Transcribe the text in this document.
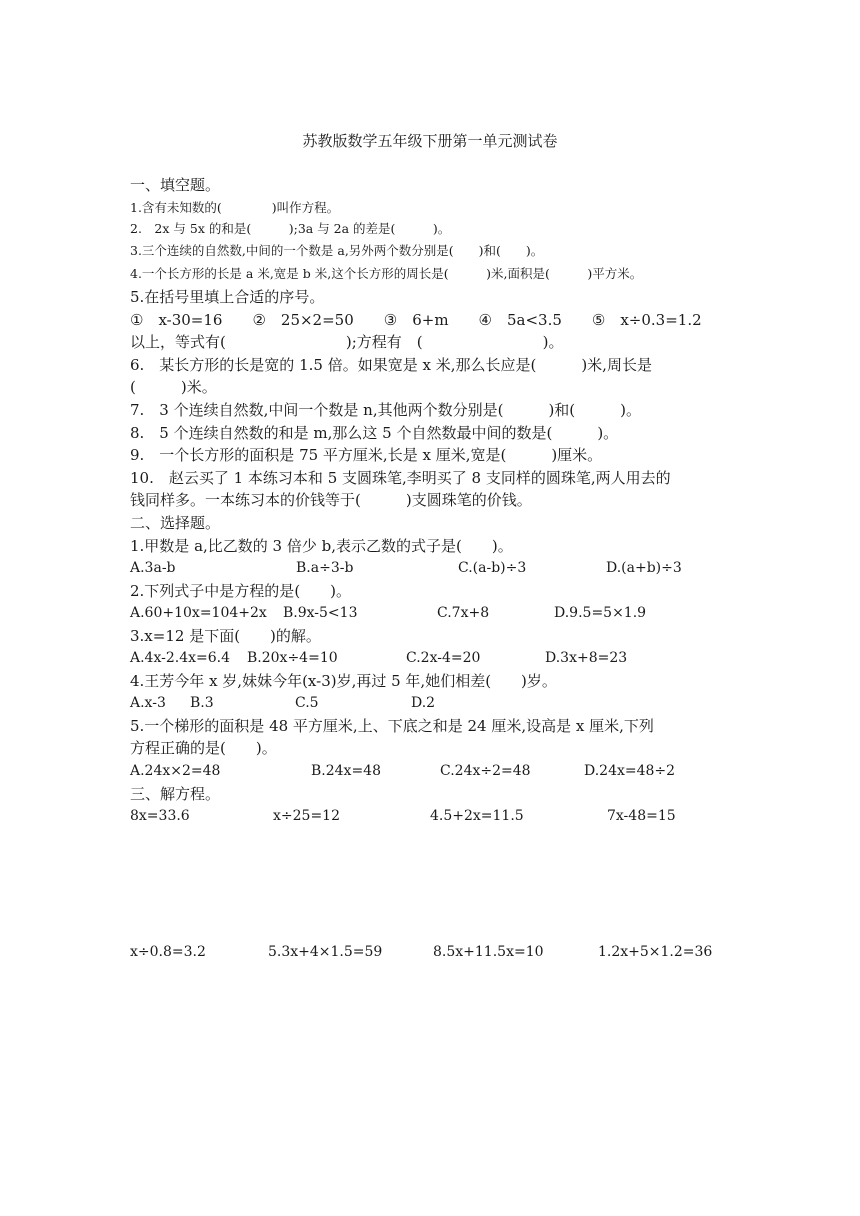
苏教版数学五年级下册第一单元测试卷
一、填空题。
1.含有未知数的(　　　　)叫作方程。
2.　2x 与 5x 的和是(　　　);3a 与 2a 的差是(　　　)。
3.三个连续的自然数,中间的一个数是 a,另外两个数分别是(　　)和(　　)。
4.一个长方形的长是 a 米,宽是 b 米,这个长方形的周长是(　　　)米,面积是(　　　)平方米。
5.在括号里填上合适的序号。
①　x-30=16　　②　25×2=50　　③　6+m　　④　5a<3.5　　⑤　x÷0.3=1.2
以上，等式有(　　　　　　　　);方程有　(　　　　　　　　)。
6.　某长方形的长是宽的 1.5 倍。如果宽是 x 米,那么长应是(　　　)米,周长是
(　　　)米。
7.　3 个连续自然数,中间一个数是 n,其他两个数分别是(　　　)和(　　　)。
8.　5 个连续自然数的和是 m,那么这 5 个自然数最中间的数是(　　　)。
9.　一个长方形的面积是 75 平方厘米,长是 x 厘米,宽是(　　　)厘米。
10.　赵云买了 1 本练习本和 5 支圆珠笔,李明买了 8 支同样的圆珠笔,两人用去的
钱同样多。一本练习本的价钱等于(　　　)支圆珠笔的价钱。
二、选择题。
1.甲数是 a,比乙数的 3 倍少 b,表示乙数的式子是(　　)。
A.3a-b	B.a÷3-b	C.(a-b)÷3	D.(a+b)÷3
2.下列式子中是方程的是(　　)。
A.60+10x=104+2x B.9x-5<13	C.7x+8	D.9.5=5×1.9
3.x=12 是下面(　　)的解。
A.4x-2.4x=6.4 B.20x÷4=10	C.2x-4=20	D.3x+8=23
4.王芳今年 x 岁,妹妹今年(x-3)岁,再过 5 年,她们相差(　　)岁。
A.x-3 B.3	C.5	D.2
5.一个梯形的面积是 48 平方厘米,上、下底之和是 24 厘米,设高是 x 厘米,下列
方程正确的是(　　)。
A.24x×2=48	B.24x=48	C.24x÷2=48	D.24x=48÷2
三、解方程。
8x=33.6	x÷25=12	4.5+2x=11.5	7x-48=15
x÷0.8=3.2	5.3x+4×1.5=59	8.5x+11.5x=10	1.2x+5×1.2=36
